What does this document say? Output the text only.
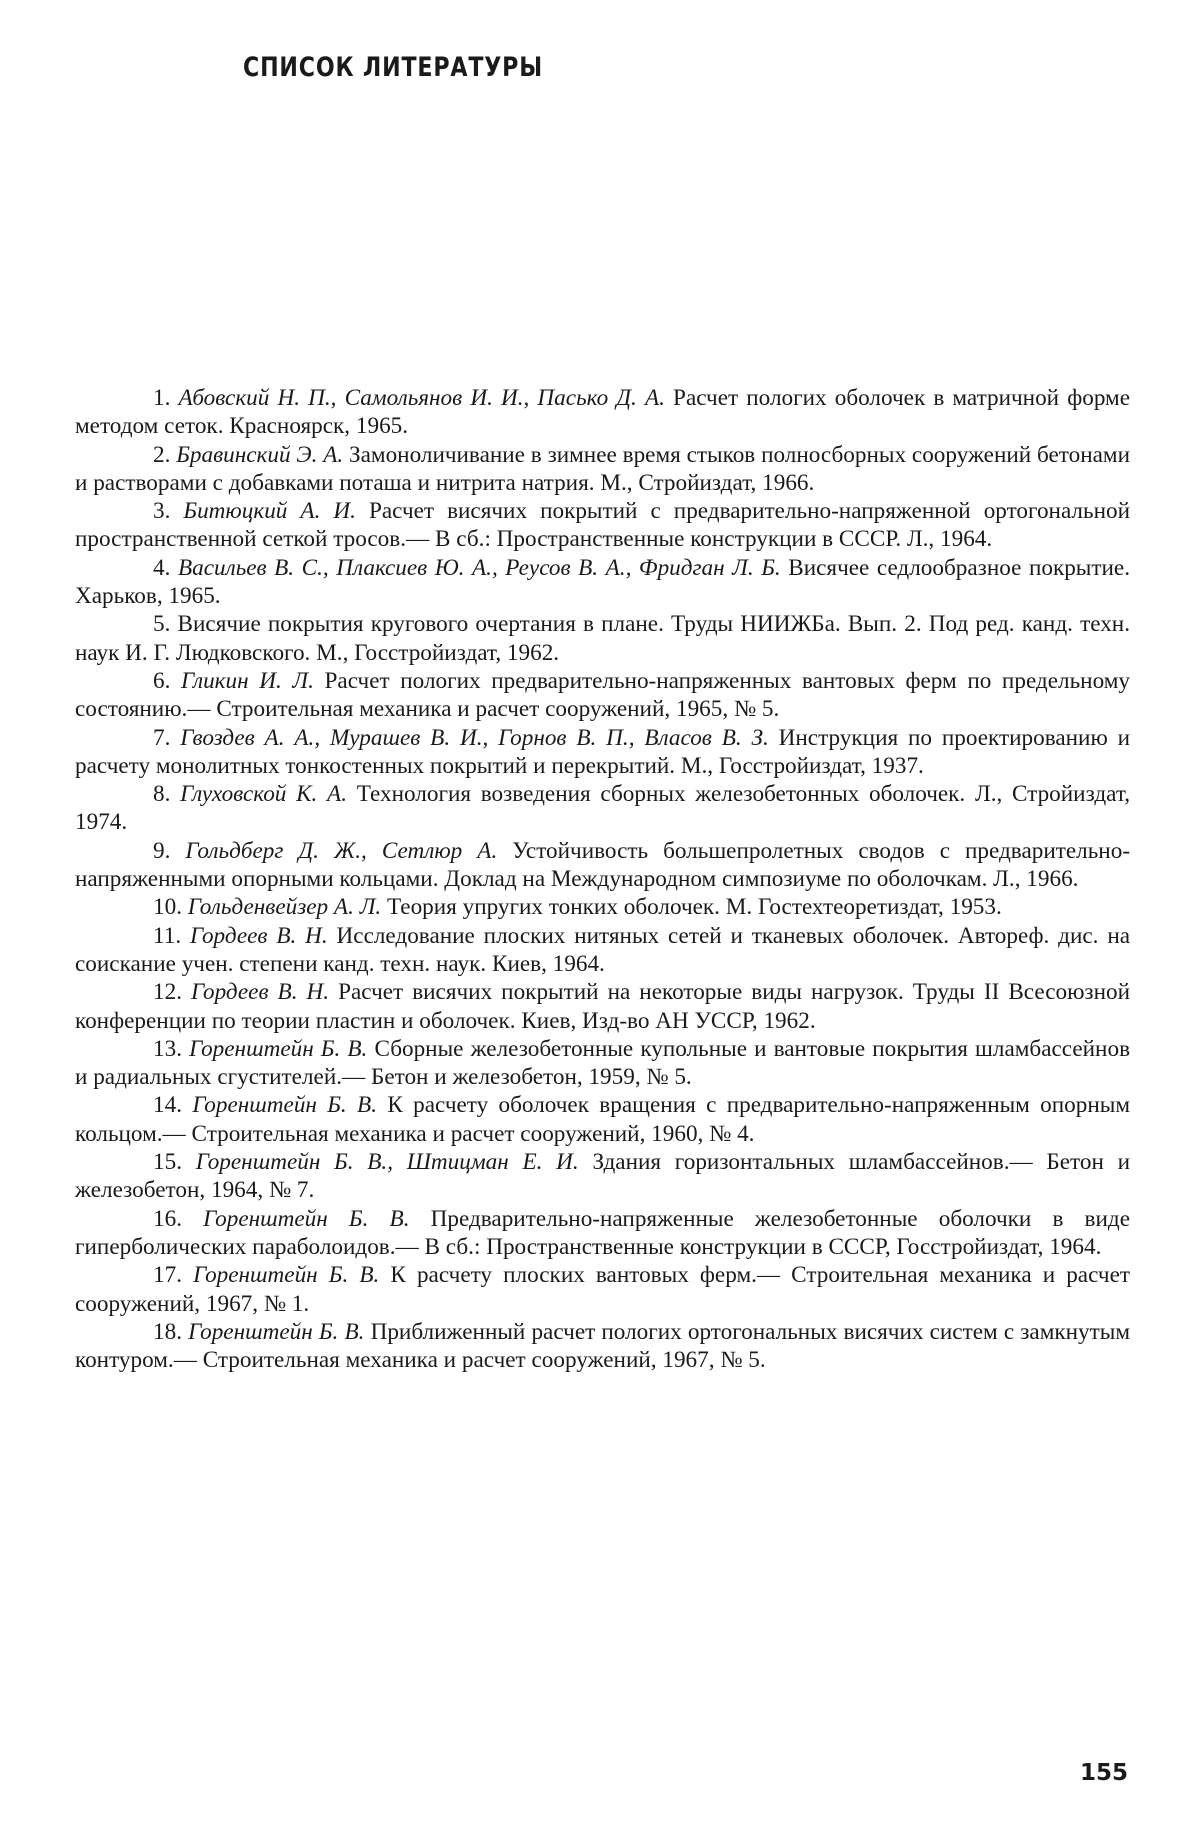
СПИСОК ЛИТЕРАТУРЫ

1. Абовский Н. П., Самольянов И. И., Пасько Д. А. Расчет пологих оболочек в матричной форме методом сеток. Красноярск, 1965.

2. Бравинский Э. А. Замоноличивание в зимнее время стыков полносборных сооружений бетонами и растворами с добавками поташа и нитрита натрия. М., Стройиздат, 1966.

3. Битюцкий А. И. Расчет висячих покрытий с предварительно-напряженной ортогональной пространственной сеткой тросов.— В сб.: Пространственные конструкции в СССР. Л., 1964.

4. Васильев В. С., Плаксиев Ю. А., Реусов В. А., Фридган Л. Б. Висячее седлообразное покрытие. Харьков, 1965.

5. Висячие покрытия кругового очертания в плане. Труды НИИЖБа. Вып. 2. Под ред. канд. техн. наук И. Г. Людковского. М., Госстройиздат, 1962.

6. Гликин И. Л. Расчет пологих предварительно-напряженных вантовых ферм по предельному состоянию.— Строительная механика и расчет сооружений, 1965, № 5.

7. Гвоздев А. А., Мурашев В. И., Горнов В. П., Власов В. З. Инструкция по проектированию и расчету монолитных тонкостенных покрытий и перекрытий. М., Госстройиздат, 1937.

8. Глуховской К. А. Технология возведения сборных железобетонных оболочек. Л., Стройиздат, 1974.

9. Гольдберг Д. Ж., Сетлюр А. Устойчивость большепролетных сводов с предварительно-напряженными опорными кольцами. Доклад на Международном симпозиуме по оболочкам. Л., 1966.

10. Гольденвейзер А. Л. Теория упругих тонких оболочек. М. Гостехтеоретиздат, 1953.

11. Гордеев В. Н. Исследование плоских нитяных сетей и тканевых оболочек. Автореф. дис. на соискание учен. степени канд. техн. наук. Киев, 1964.

12. Гордеев В. Н. Расчет висячих покрытий на некоторые виды нагрузок. Труды II Всесоюзной конференции по теории пластин и оболочек. Киев, Изд-во АН УССР, 1962.

13. Горенштейн Б. В. Сборные железобетонные купольные и вантовые покрытия шламбассейнов и радиальных сгустителей.— Бетон и железобетон, 1959, № 5.

14. Горенштейн Б. В. К расчету оболочек вращения с предварительно-напряженным опорным кольцом.— Строительная механика и расчет сооружений, 1960, № 4.

15. Горенштейн Б. В., Штицман Е. И. Здания горизонтальных шламбассейнов.— Бетон и железобетон, 1964, № 7.

16. Горенштейн Б. В. Предварительно-напряженные железобетонные оболочки в виде гиперболических параболоидов.— В сб.: Пространственные конструкции в СССР, Госстройиздат, 1964.

17. Горенштейн Б. В. К расчету плоских вантовых ферм.— Строительная механика и расчет сооружений, 1967, № 1.

18. Горенштейн Б. В. Приближенный расчет пологих ортогональных висячих систем с замкнутым контуром.— Строительная механика и расчет сооружений, 1967, № 5.

155
